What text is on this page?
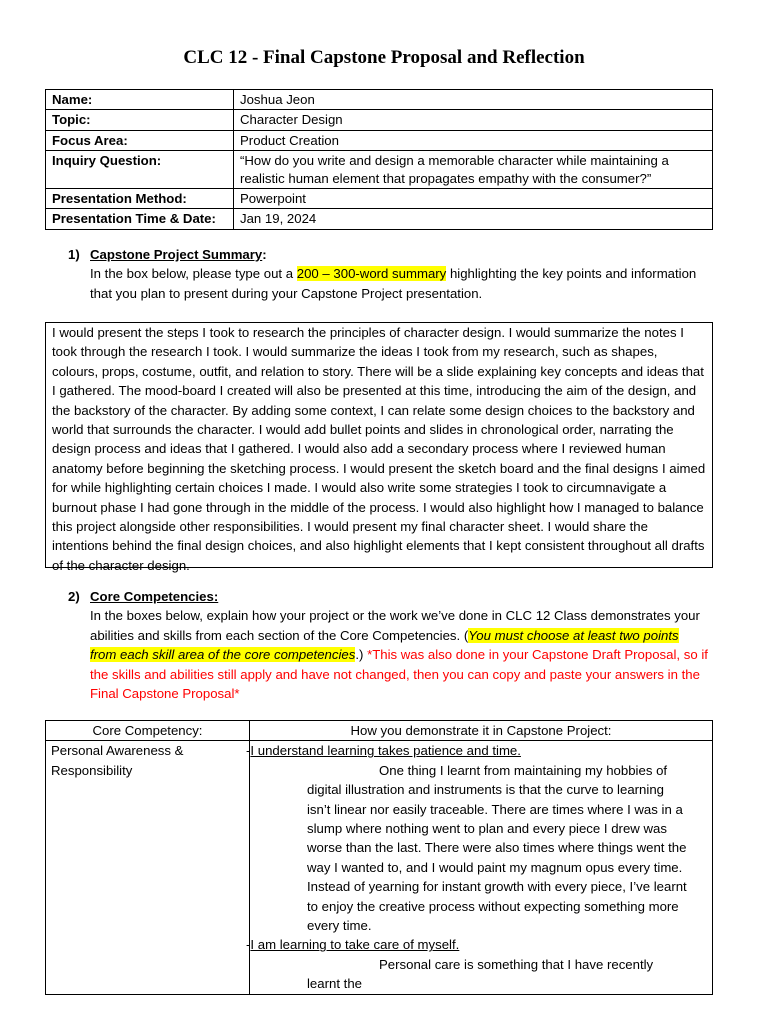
CLC 12 - Final Capstone Proposal and Reflection
Name:	Joshua Jeon
Topic:	Character Design
Focus Area:	Product Creation
Inquiry Question:	“How do you write and design a memorable character while maintaining a realistic human element that propagates empathy with the consumer?”
Presentation Method:	Powerpoint
Presentation Time & Date:	Jan 19, 2024
1) Capstone Project Summary:
In the box below, please type out a 200 – 300-word summary highlighting the key points and information that you plan to present during your Capstone Project presentation.
I would present the steps I took to research the principles of character design. I would summarize the notes I took through the research I took. I would summarize the ideas I took from my research, such as shapes, colours, props, costume, outfit, and relation to story. There will be a slide explaining key concepts and ideas that I gathered. The mood-board I created will also be presented at this time, introducing the aim of the design, and the backstory of the character. By adding some context, I can relate some design choices to the backstory and world that surrounds the character. I would add bullet points and slides in chronological order, narrating the design process and ideas that I gathered. I would also add a secondary process where I reviewed human anatomy before beginning the sketching process. I would present the sketch board and the final designs I aimed for while highlighting certain choices I made. I would also write some strategies I took to circumnavigate a burnout phase I had gone through in the middle of the process. I would also highlight how I managed to balance this project alongside other responsibilities. I would present my final character sheet. I would share the intentions behind the final design choices, and also highlight elements that I kept consistent throughout all drafts of the character design.
2) Core Competencies:
In the boxes below, explain how your project or the work we’ve done in CLC 12 Class demonstrates your abilities and skills from each section of the Core Competencies. (You must choose at least two points from each skill area of the core competencies.) *This was also done in your Capstone Draft Proposal, so if the skills and abilities still apply and have not changed, then you can copy and paste your answers in the Final Capstone Proposal*
Core Competency:	How you demonstrate it in Capstone Project:
Personal Awareness & Responsibility	-I understand learning takes patience and time.
One thing I learnt from maintaining my hobbies of digital illustration and instruments is that the curve to learning isn’t linear nor easily traceable. There are times where I was in a slump where nothing went to plan and every piece I drew was worse than the last. There were also times where things went the way I wanted to, and I would paint my magnum opus every time. Instead of yearning for instant growth with every piece, I’ve learnt to enjoy the creative process without expecting something more every time.
-I am learning to take care of myself.
Personal care is something that I have recently learnt the
